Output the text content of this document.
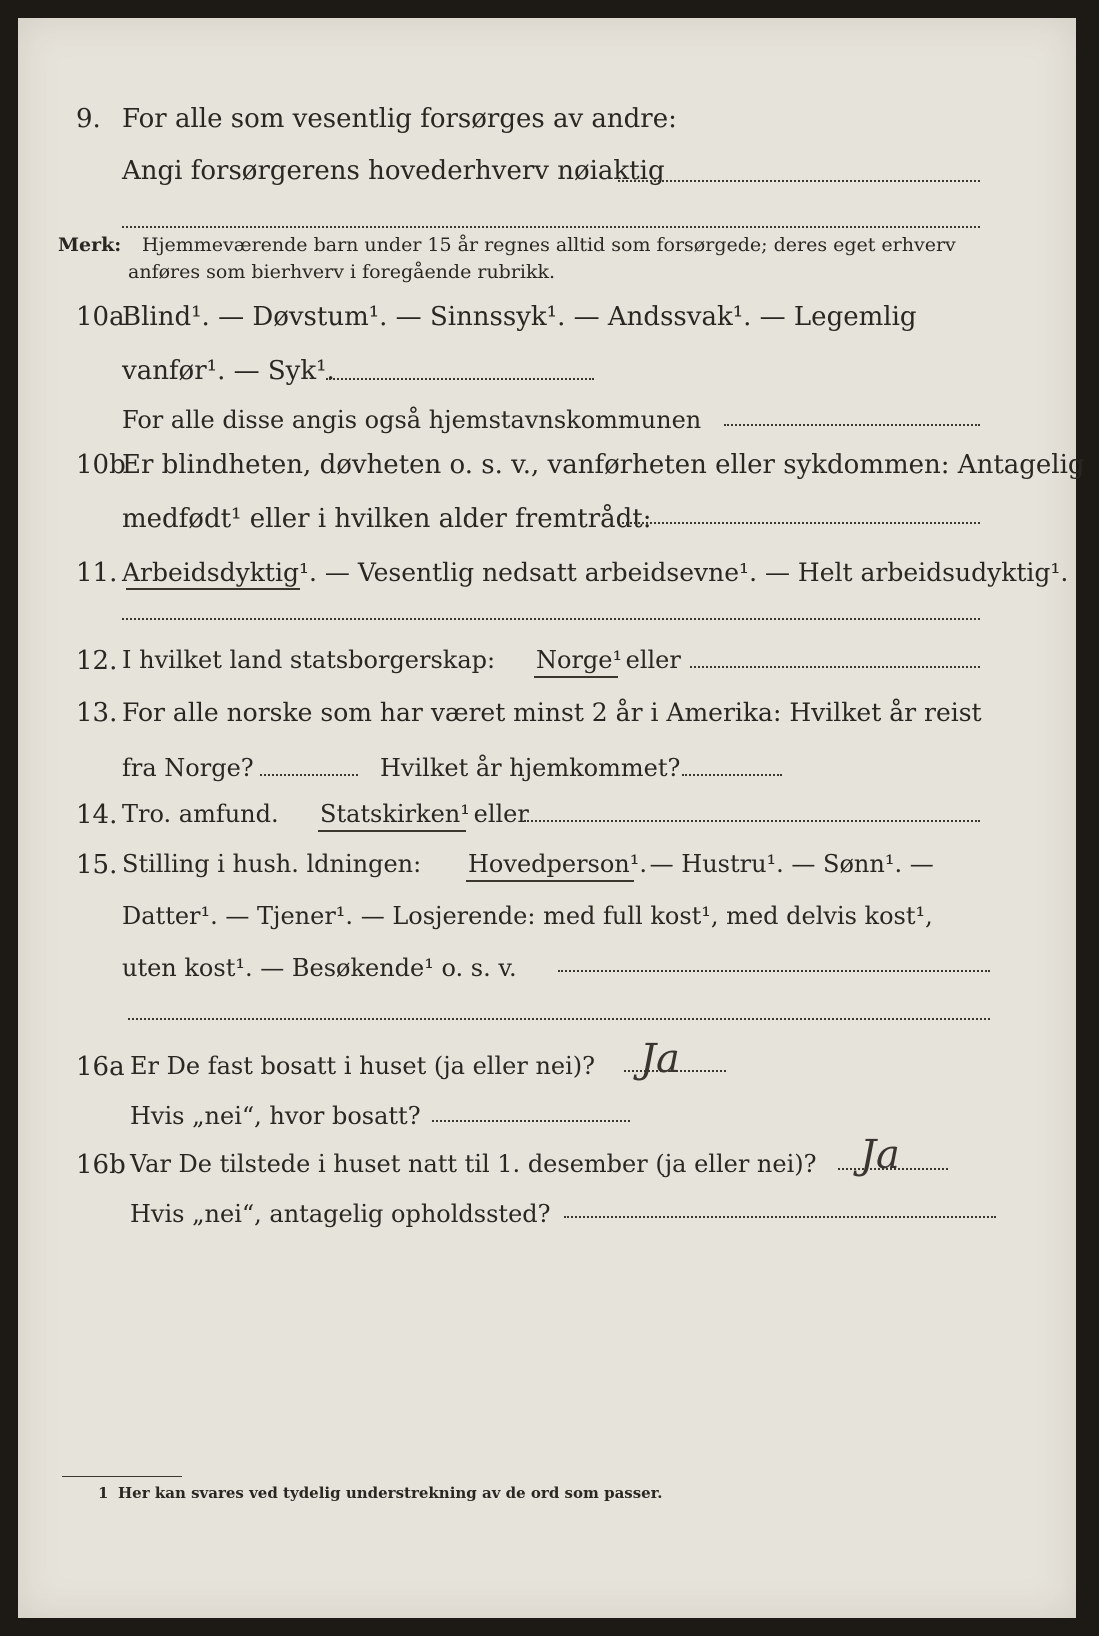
9. For alle som vesentlig forsørges av andre:
Angi forsørgerens hovederhverv nøiaktig
Merk: Hjemmeværende barn under 15 år regnes alltid som forsørgede; deres eget erhverv
anføres som bierhverv i foregående rubrikk.
10a
Blind¹. — Døvstum¹. — Sinnssyk¹. — Andssvak¹. — Legemlig
vanfør¹. — Syk¹.
For alle disse angis også hjemstavnskommunen
10b
Er blindheten, døvheten o. s. v., vanførheten eller sykdommen: Antagelig
medfødt¹ eller i hvilken alder fremtrådt:
11. Arbeidsdyktig¹. — Vesentlig nedsatt arbeidsevne¹. — Helt arbeidsudyktig¹.
12. I hvilket land statsborgerskap: Norge¹
eller
13. For alle norske som har været minst 2 år i Amerika: Hvilket år reist
fra Norge?	Hvilket år hjemkommet?
14. Tro. amfund. Statskirken¹
eller
15. Stilling i hush. ldningen: Hovedperson¹.
— Hustru¹. — Sønn¹. —
Datter¹. — Tjener¹. — Losjerende: med full kost¹, med delvis kost¹,
uten kost¹. — Besøkende¹ o. s. v.
16a Er De fast bosatt i huset (ja eller nei)? Ja
Hvis „nei“, hvor bosatt?
16b Var De tilstede i huset natt til 1. desember (ja eller nei)? Ja
Hvis „nei“, antagelig opholdssted?
1 Her kan svares ved tydelig understrekning av de ord som passer.
